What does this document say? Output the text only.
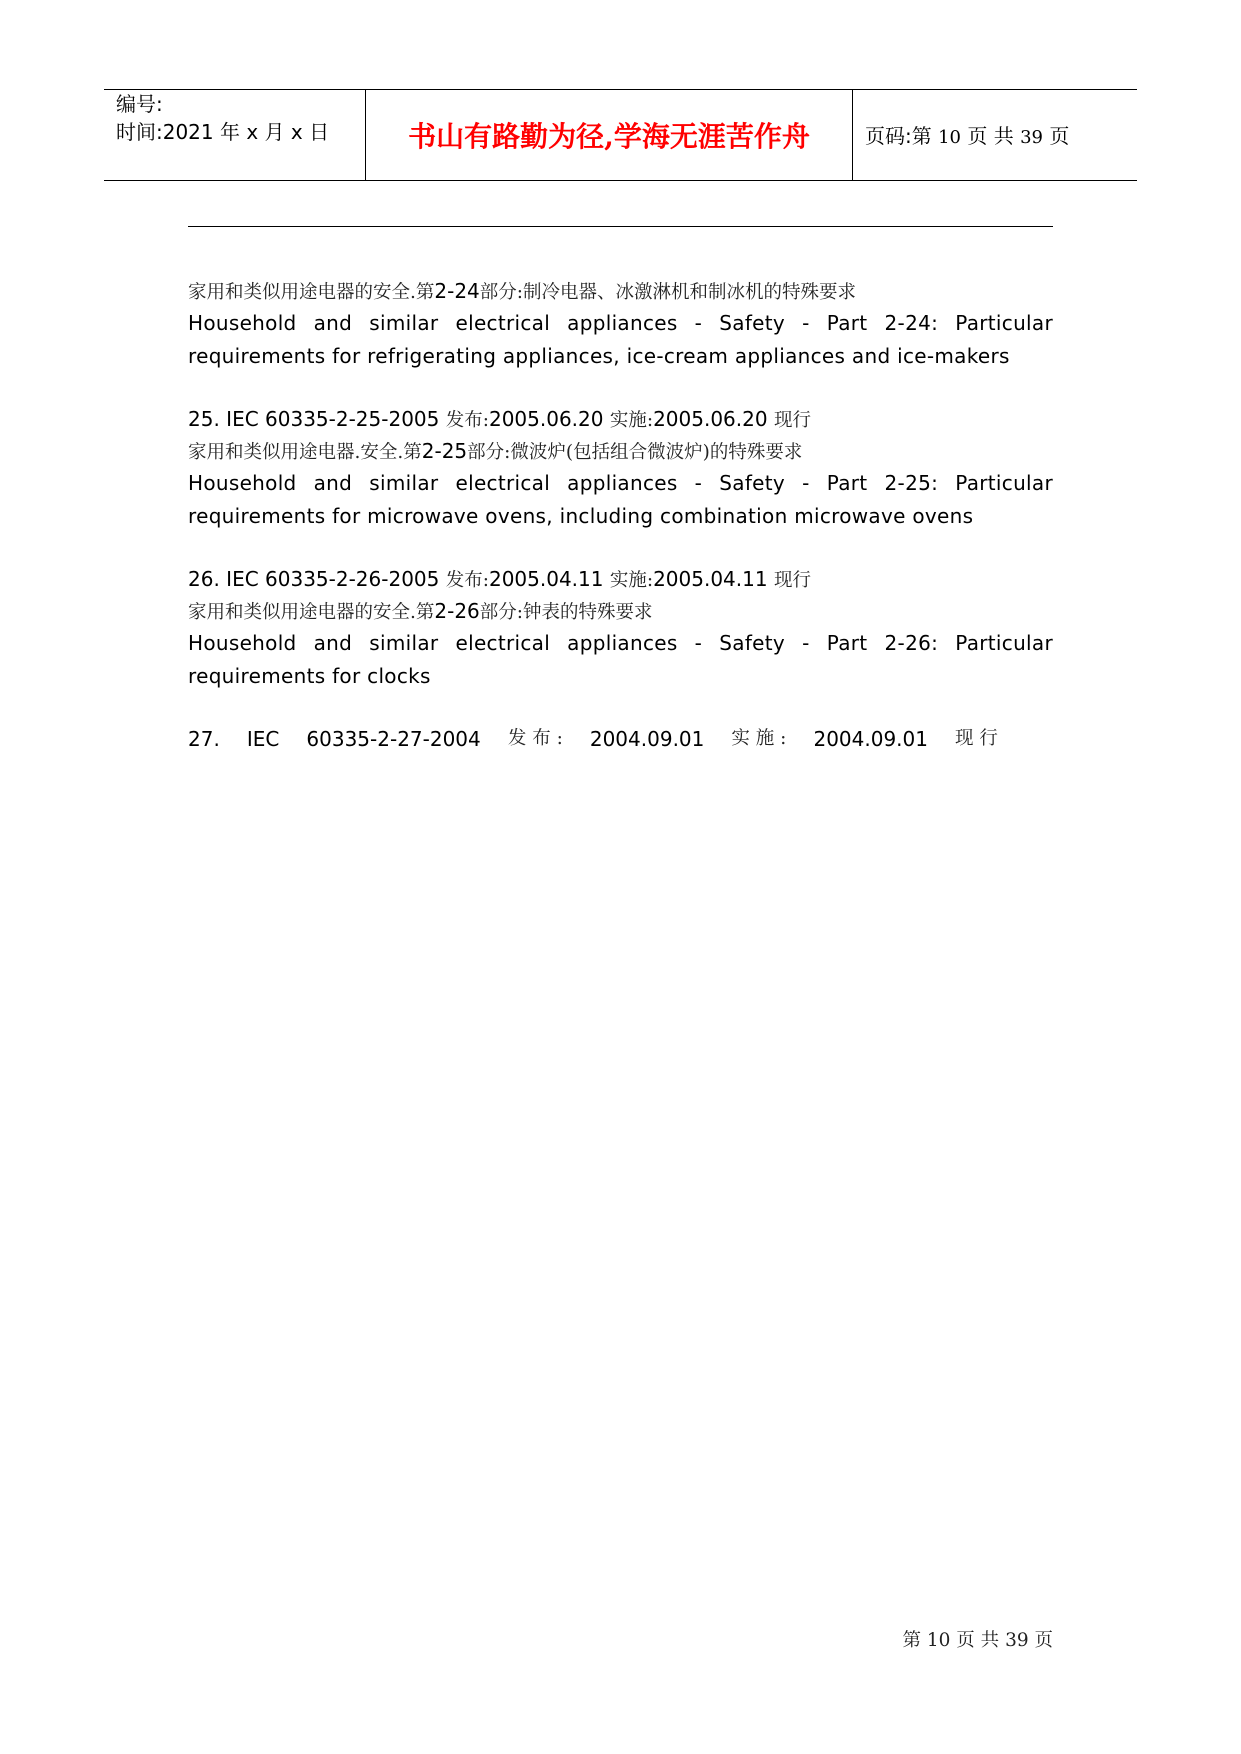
编号:
时间:2021 年 x 月 x 日	书山有路勤为径,学海无涯苦作舟	页码:第 10 页 共 39 页
家用和类似用途电器的安全.第2-24部分:制冷电器、冰激淋机和制冰机的特殊要求
Household and similar electrical appliances - Safety - Part 2-24: Particular requirements for refrigerating appliances, ice-cream appliances and ice-makers
25. IEC 60335-2-25-2005 发布:2005.06.20 实施:2005.06.20 现行
家用和类似用途电器.安全.第2-25部分:微波炉(包括组合微波炉)的特殊要求
Household and similar electrical appliances - Safety - Part 2-25: Particular requirements for microwave ovens, including combination microwave ovens
26. IEC 60335-2-26-2005 发布:2005.04.11 实施:2005.04.11 现行
家用和类似用途电器的安全.第2-26部分:钟表的特殊要求
Household and similar electrical appliances - Safety - Part 2-26: Particular requirements for clocks
27. IEC 60335-2-27-2004 发 布 : 2004.09.01 实 施 : 2004.09.01 现 行
第 10 页 共 39 页
